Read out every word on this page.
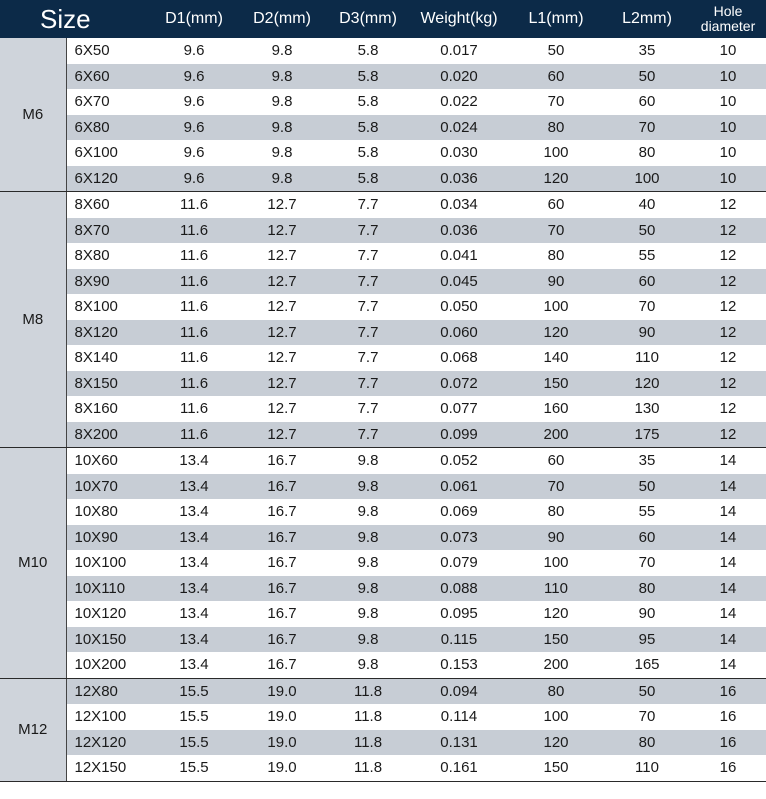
Size		D1(mm)	D2(mm)	D3(mm)	Weight(kg)	L1(mm)	L2mm)	Hole
diameter
M6	6X50	9.6	9.8	5.8	0.017	50	35	10
	6X60	9.6	9.8	5.8	0.020	60	50	10
	6X70	9.6	9.8	5.8	0.022	70	60	10
	6X80	9.6	9.8	5.8	0.024	80	70	10
	6X100	9.6	9.8	5.8	0.030	100	80	10
	6X120	9.6	9.8	5.8	0.036	120	100	10
M8	8X60	11.6	12.7	7.7	0.034	60	40	12
	8X70	11.6	12.7	7.7	0.036	70	50	12
	8X80	11.6	12.7	7.7	0.041	80	55	12
	8X90	11.6	12.7	7.7	0.045	90	60	12
	8X100	11.6	12.7	7.7	0.050	100	70	12
	8X120	11.6	12.7	7.7	0.060	120	90	12
	8X140	11.6	12.7	7.7	0.068	140	110	12
	8X150	11.6	12.7	7.7	0.072	150	120	12
	8X160	11.6	12.7	7.7	0.077	160	130	12
	8X200	11.6	12.7	7.7	0.099	200	175	12
M10	10X60	13.4	16.7	9.8	0.052	60	35	14
	10X70	13.4	16.7	9.8	0.061	70	50	14
	10X80	13.4	16.7	9.8	0.069	80	55	14
	10X90	13.4	16.7	9.8	0.073	90	60	14
	10X100	13.4	16.7	9.8	0.079	100	70	14
	10X110	13.4	16.7	9.8	0.088	110	80	14
	10X120	13.4	16.7	9.8	0.095	120	90	14
	10X150	13.4	16.7	9.8	0.115	150	95	14
	10X200	13.4	16.7	9.8	0.153	200	165	14
M12	12X80	15.5	19.0	11.8	0.094	80	50	16
	12X100	15.5	19.0	11.8	0.114	100	70	16
	12X120	15.5	19.0	11.8	0.131	120	80	16
	12X150	15.5	19.0	11.8	0.161	150	110	16
